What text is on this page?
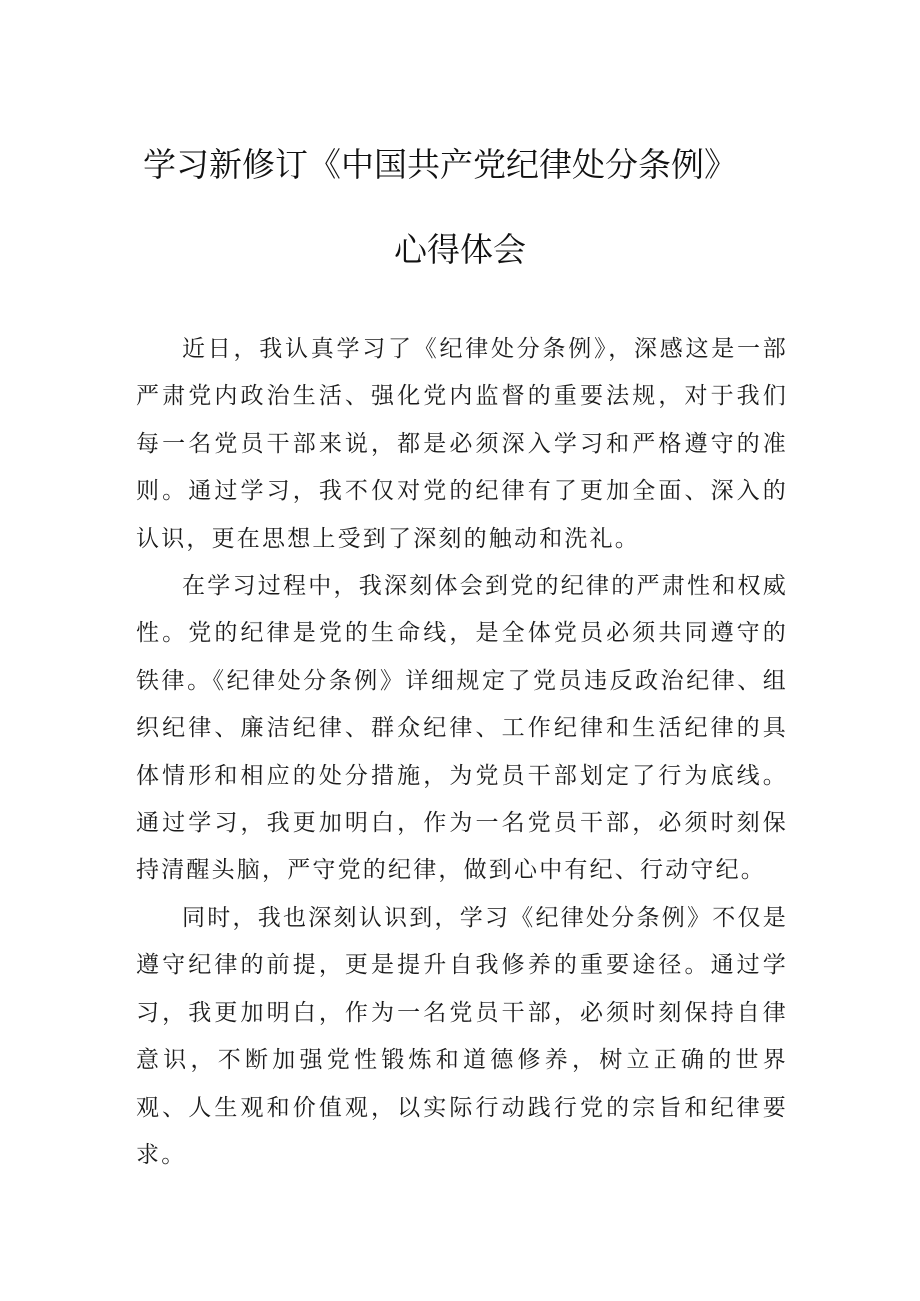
学习新修订《中国共产党纪律处分条例》
心得体会

近日，我认真学习了《纪律处分条例》，深感这是一部严肃党内政治生活、强化党内监督的重要法规，对于我们每一名党员干部来说，都是必须深入学习和严格遵守的准则。通过学习，我不仅对党的纪律有了更加全面、深入的认识，更在思想上受到了深刻的触动和洗礼。

在学习过程中，我深刻体会到党的纪律的严肃性和权威性。党的纪律是党的生命线，是全体党员必须共同遵守的铁律。《纪律处分条例》详细规定了党员违反政治纪律、组织纪律、廉洁纪律、群众纪律、工作纪律和生活纪律的具体情形和相应的处分措施，为党员干部划定了行为底线。通过学习，我更加明白，作为一名党员干部，必须时刻保持清醒头脑，严守党的纪律，做到心中有纪、行动守纪。

同时，我也深刻认识到，学习《纪律处分条例》不仅是遵守纪律的前提，更是提升自我修养的重要途径。通过学习，我更加明白，作为一名党员干部，必须时刻保持自律意识，不断加强党性锻炼和道德修养，树立正确的世界观、人生观和价值观，以实际行动践行党的宗旨和纪律要求。
